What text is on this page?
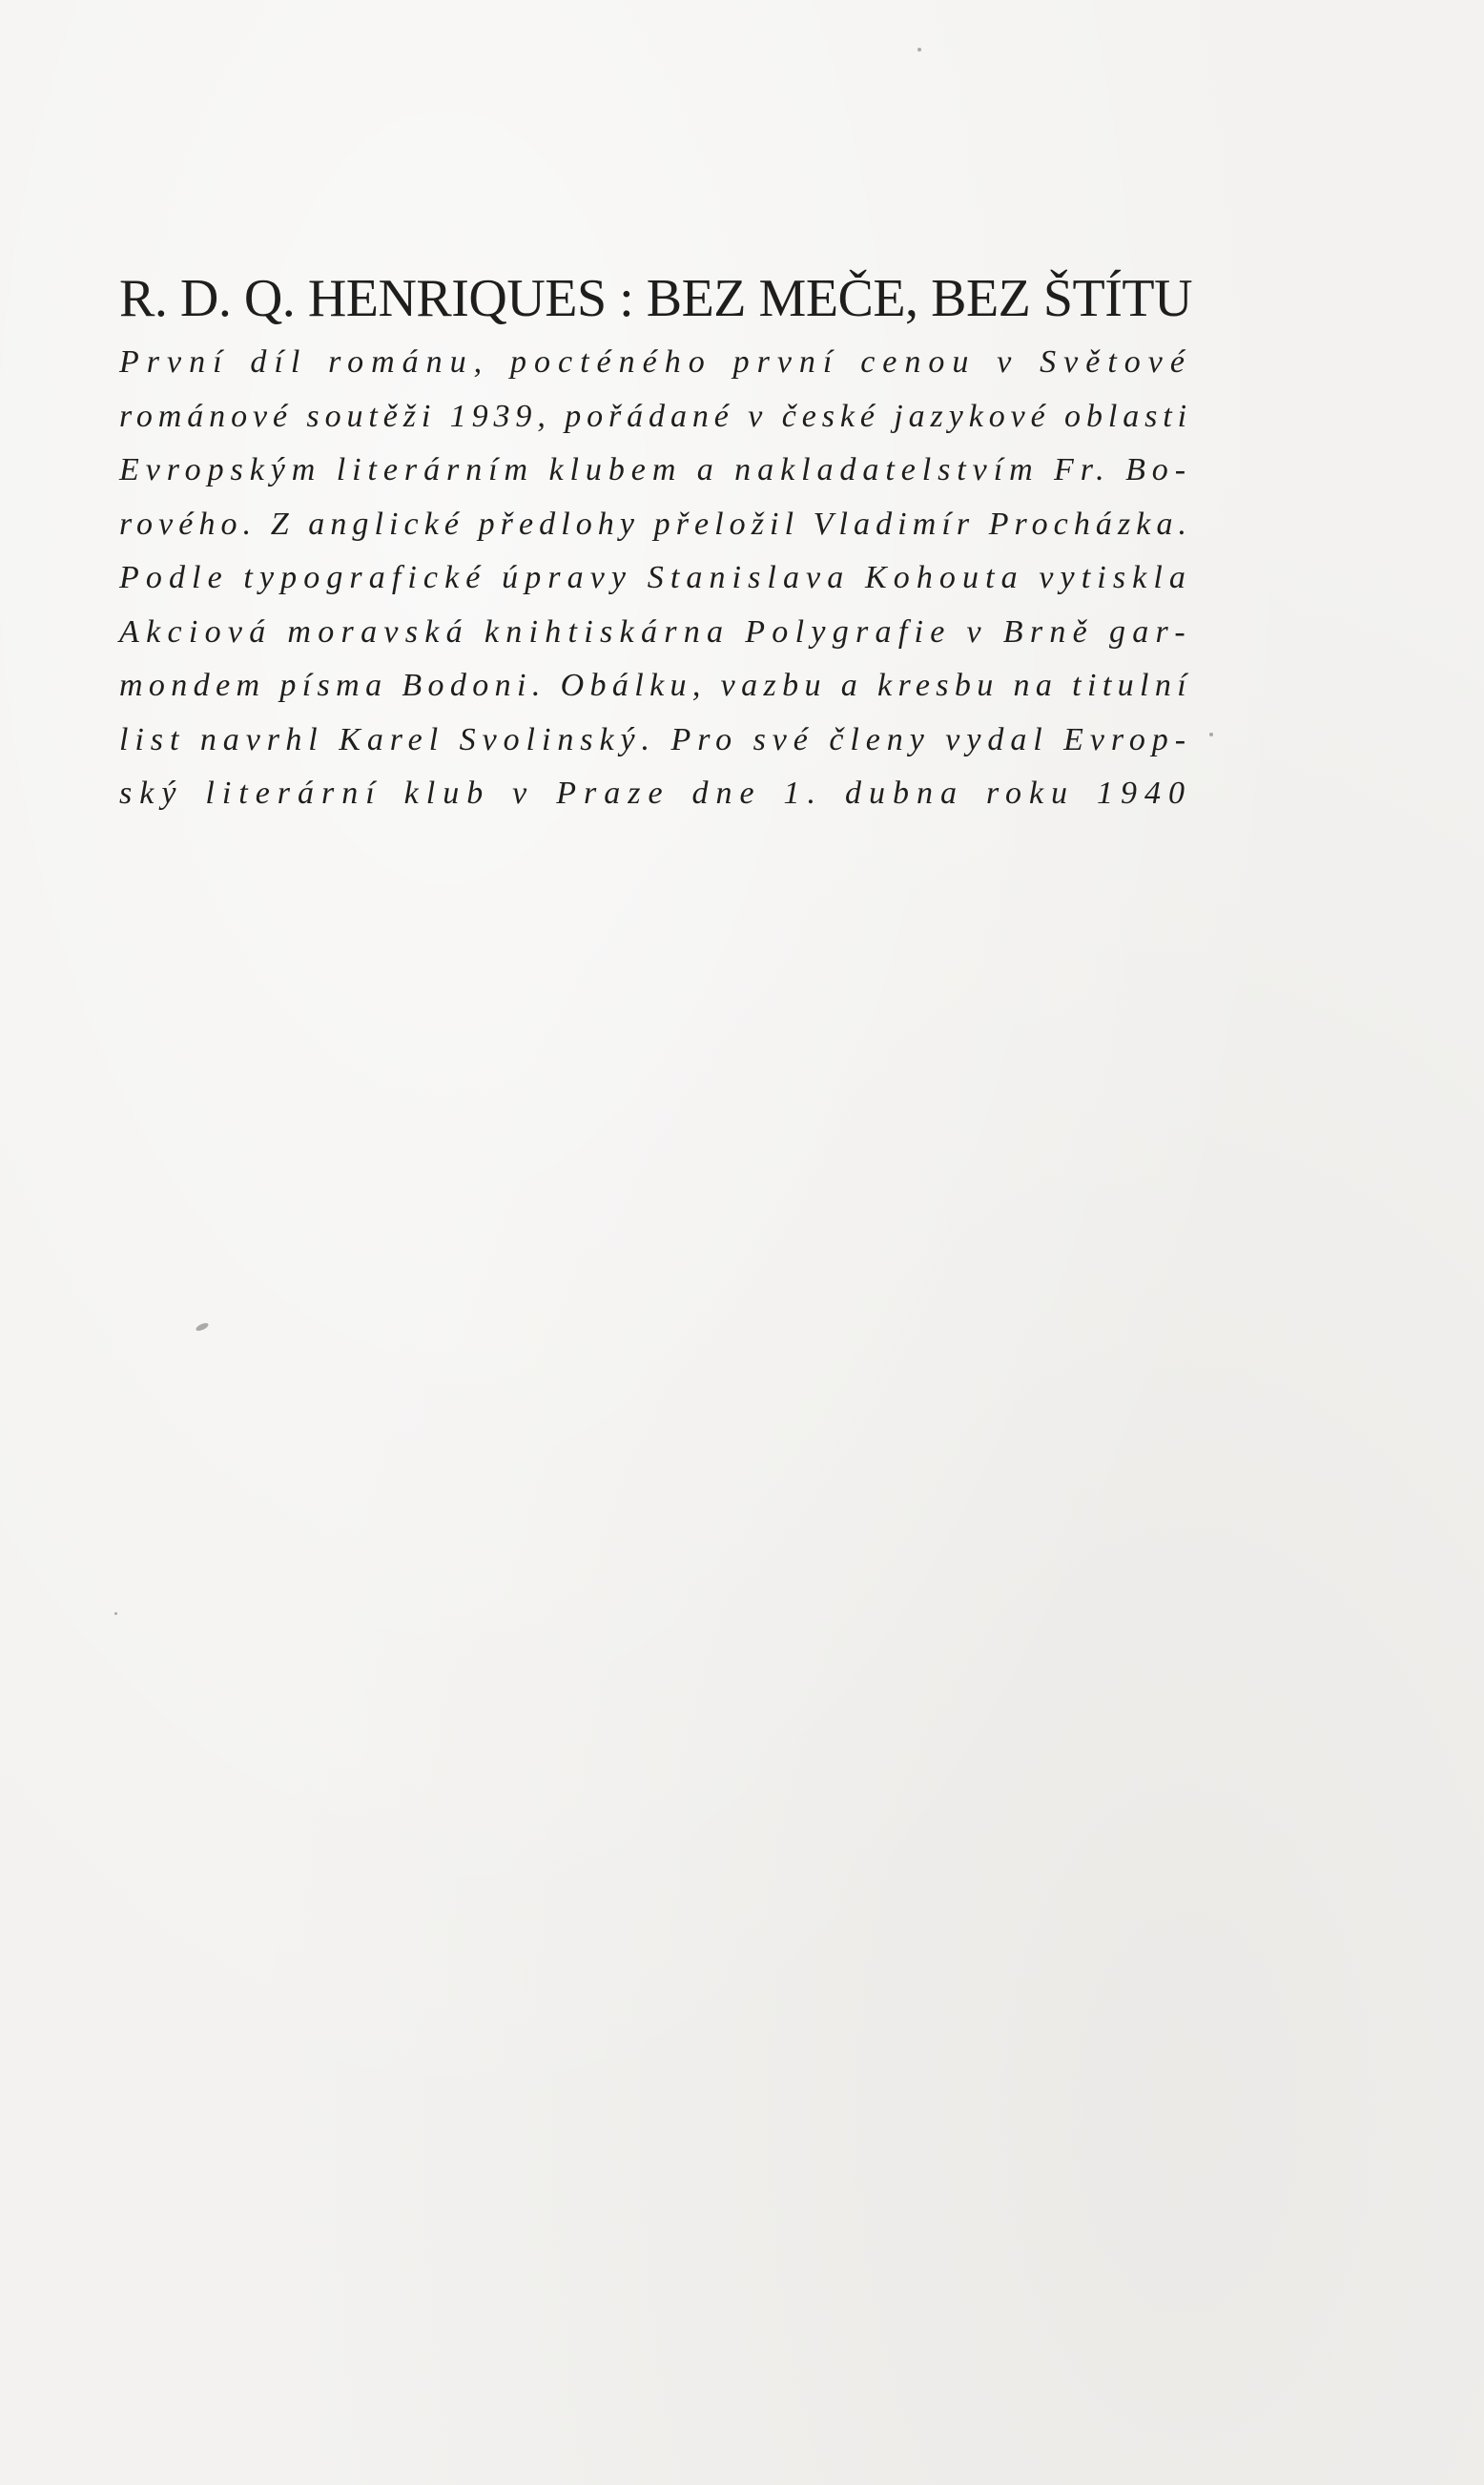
R. D. Q. HENRIQUES : BEZ MEČE, BEZ ŠTÍTU
První díl románu, pocténého první cenou v Světové
románové soutěži 1939, pořádané v české jazykové oblasti
Evropským literárním klubem a nakladatelstvím Fr. Bo-
rového. Z anglické předlohy přeložil Vladimír Procházka.
Podle typografické úpravy Stanislava Kohouta vytiskla
Akciová moravská knihtiskárna Polygrafie v Brně gar-
mondem písma Bodoni. Obálku, vazbu a kresbu na titulní
list navrhl Karel Svolinský. Pro své členy vydal Evrop-
ský literární klub v Praze dne 1. dubna roku 1940
